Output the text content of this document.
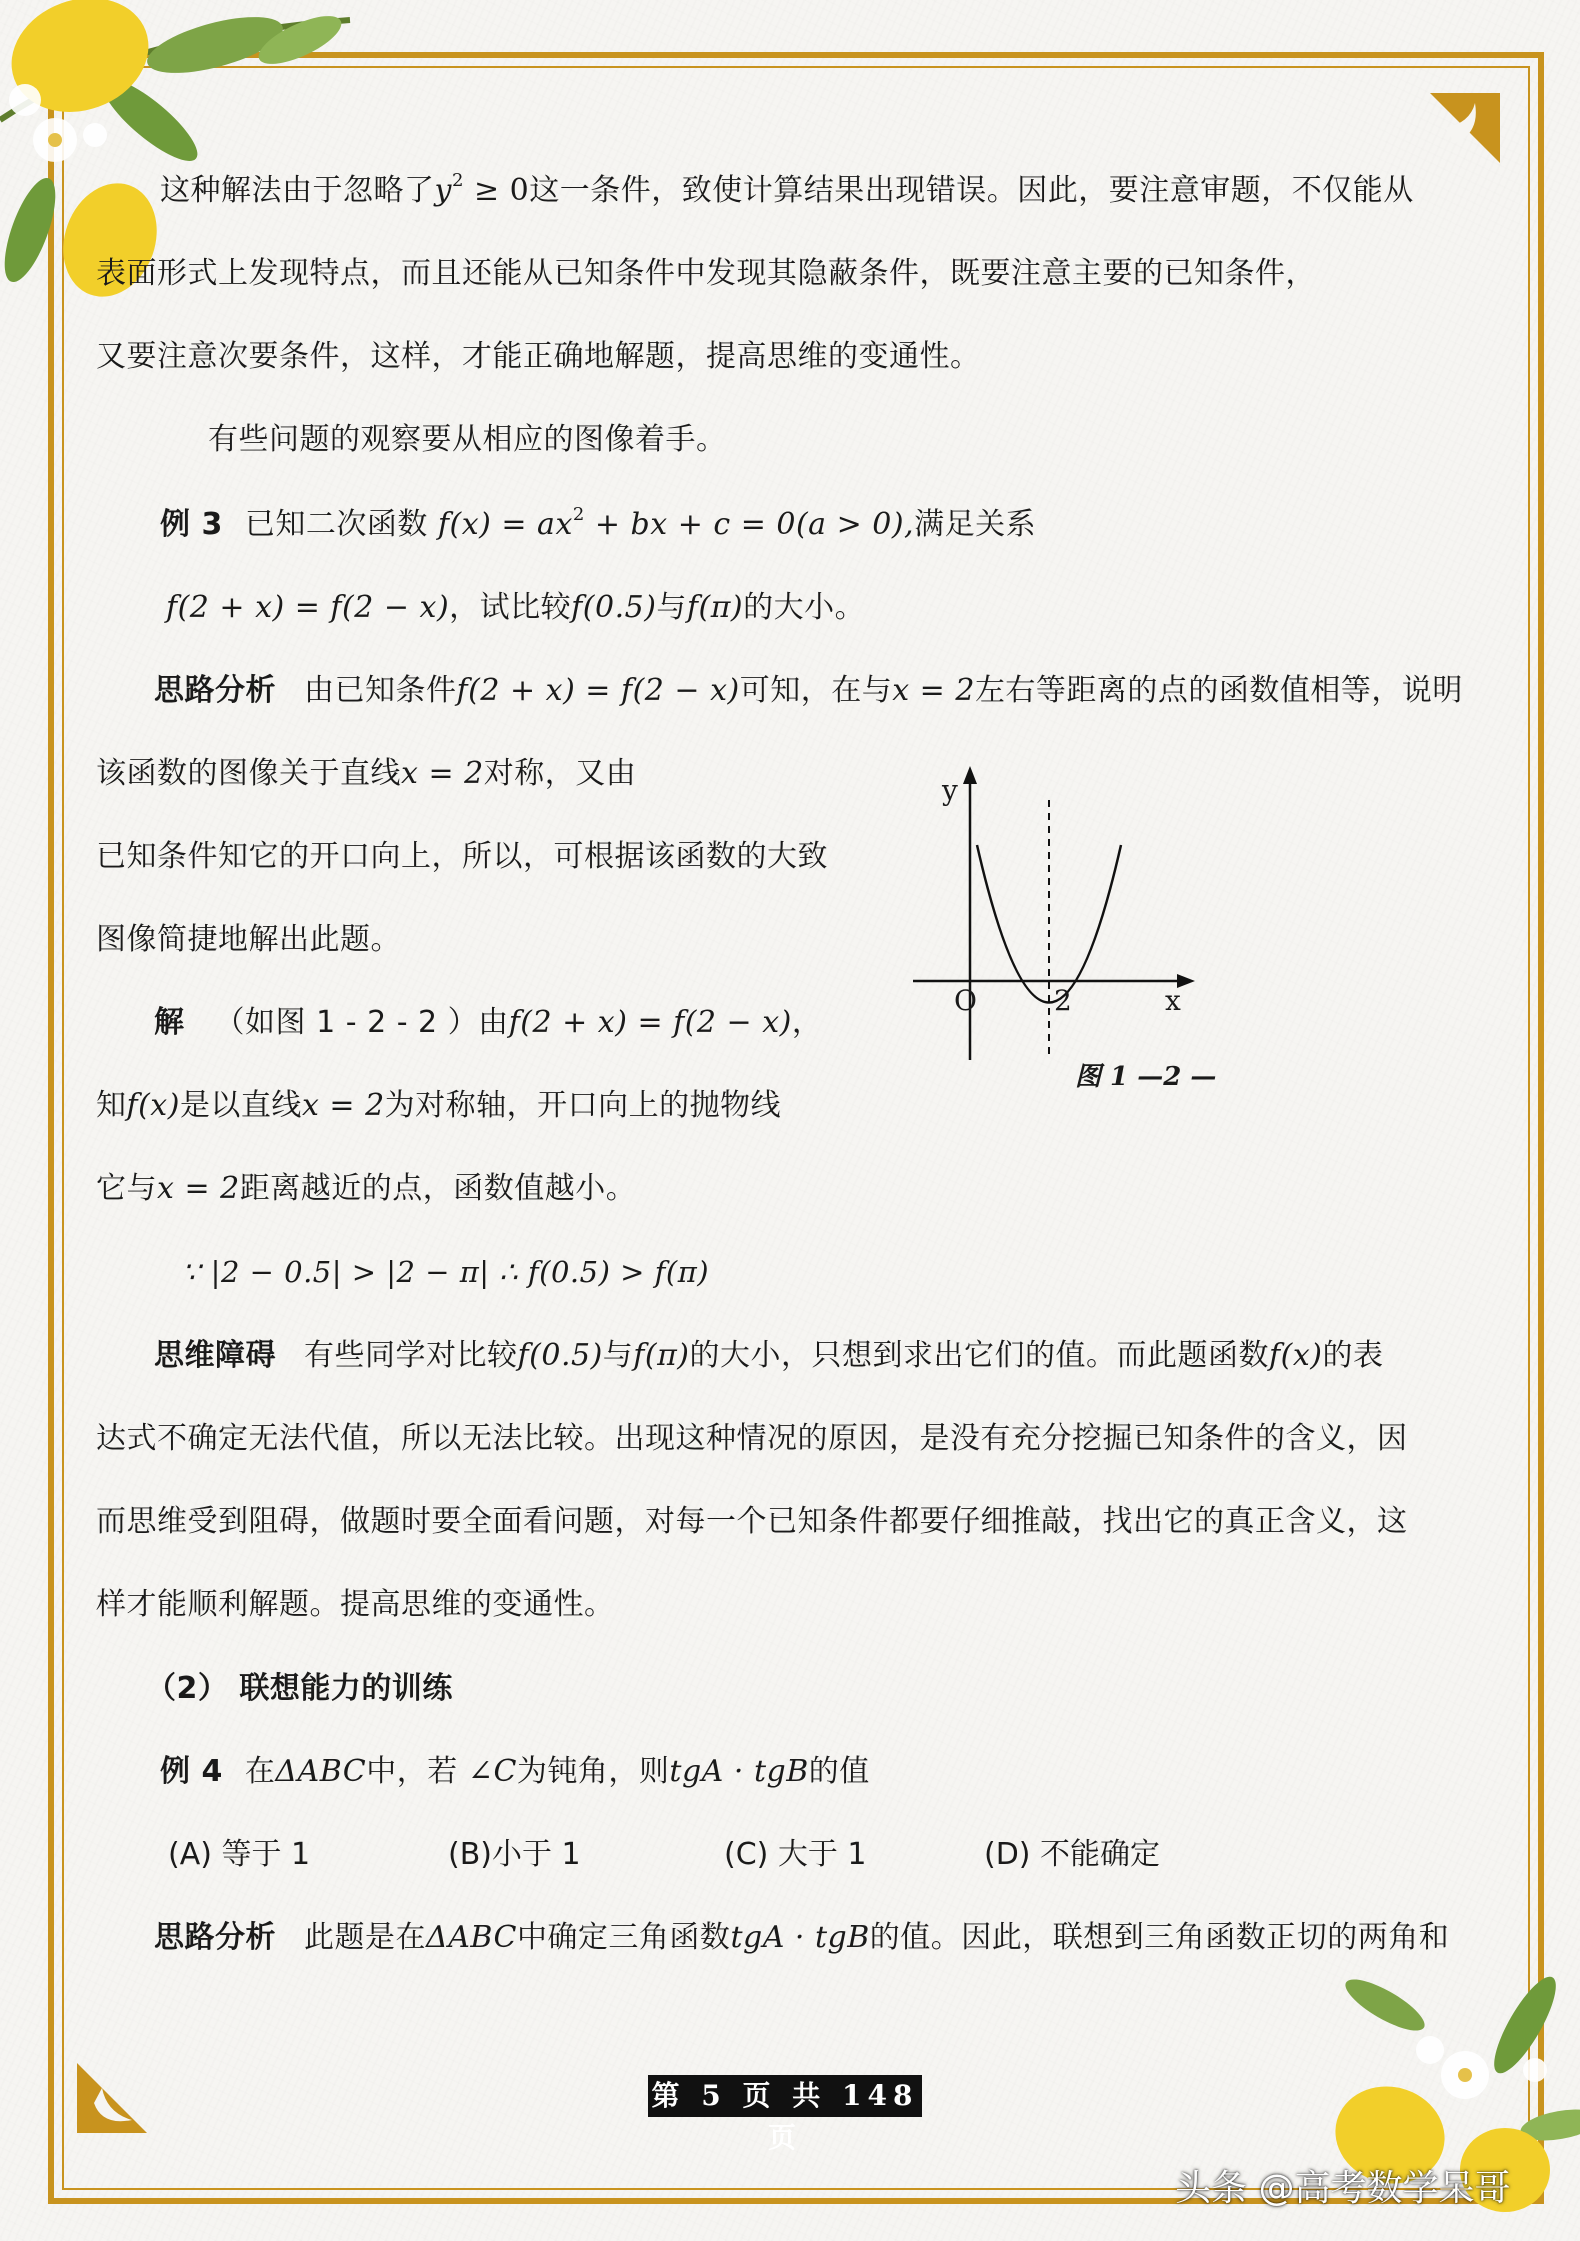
这种解法由于忽略了$y^2 \ge 0$这一条件，致使计算结果出现错误。因此，要注意审题，不仅能从
表面形式上发现特点，而且还能从已知条件中发现其隐蔽条件，既要注意主要的已知条件，
又要注意次要条件，这样，才能正确地解题，提高思维的变通性。
有些问题的观察要从相应的图像着手。
例 3 已知二次函数 $f(x) = ax^2$ + bx + c = 0(a > 0),满足关系
f(2 + x) = f(2 − x)，试比较f(0.5)与f(π)的大小。
思路分析 由已知条件f(2 + x) = f(2 − x)可知，在与x = 2左右等距离的点的函数值相等，说明
该函数的图像关于直线x = 2对称，又由
已知条件知它的开口向上，所以，可根据该函数的大致
图像简捷地解出此题。
解 （如图 1 - 2 - 2 ）由f(2 + x) = f(2 − x)，
知f(x)是以直线x = 2为对称轴，开口向上的抛物线
它与x = 2距离越近的点，函数值越小。
∵ |2 − 0.5| > |2 − π| ∴ f(0.5) > f(π)
y
x
O	2
图 1 —2 —
思维障碍 有些同学对比较f(0.5)与f(π)的大小，只想到求出它们的值。而此题函数f(x)的表
达式不确定无法代值，所以无法比较。出现这种情况的原因，是没有充分挖掘已知条件的含义，因
而思维受到阻碍，做题时要全面看问题，对每一个已知条件都要仔细推敲，找出它的真正含义，这
样才能顺利解题。提高思维的变通性。
（2） 联想能力的训练
例 4 在ΔABC中，若 ∠C为钝角，则tgA · tgB的值
(A) 等于 1	(B)小于 1	(C) 大于 1	(D) 不能确定
思路分析 此题是在ΔABC中确定三角函数tgA · tgB的值。因此，联想到三角函数正切的两角和
第 5 页 共 148 页
头条 @高考数学呆哥
